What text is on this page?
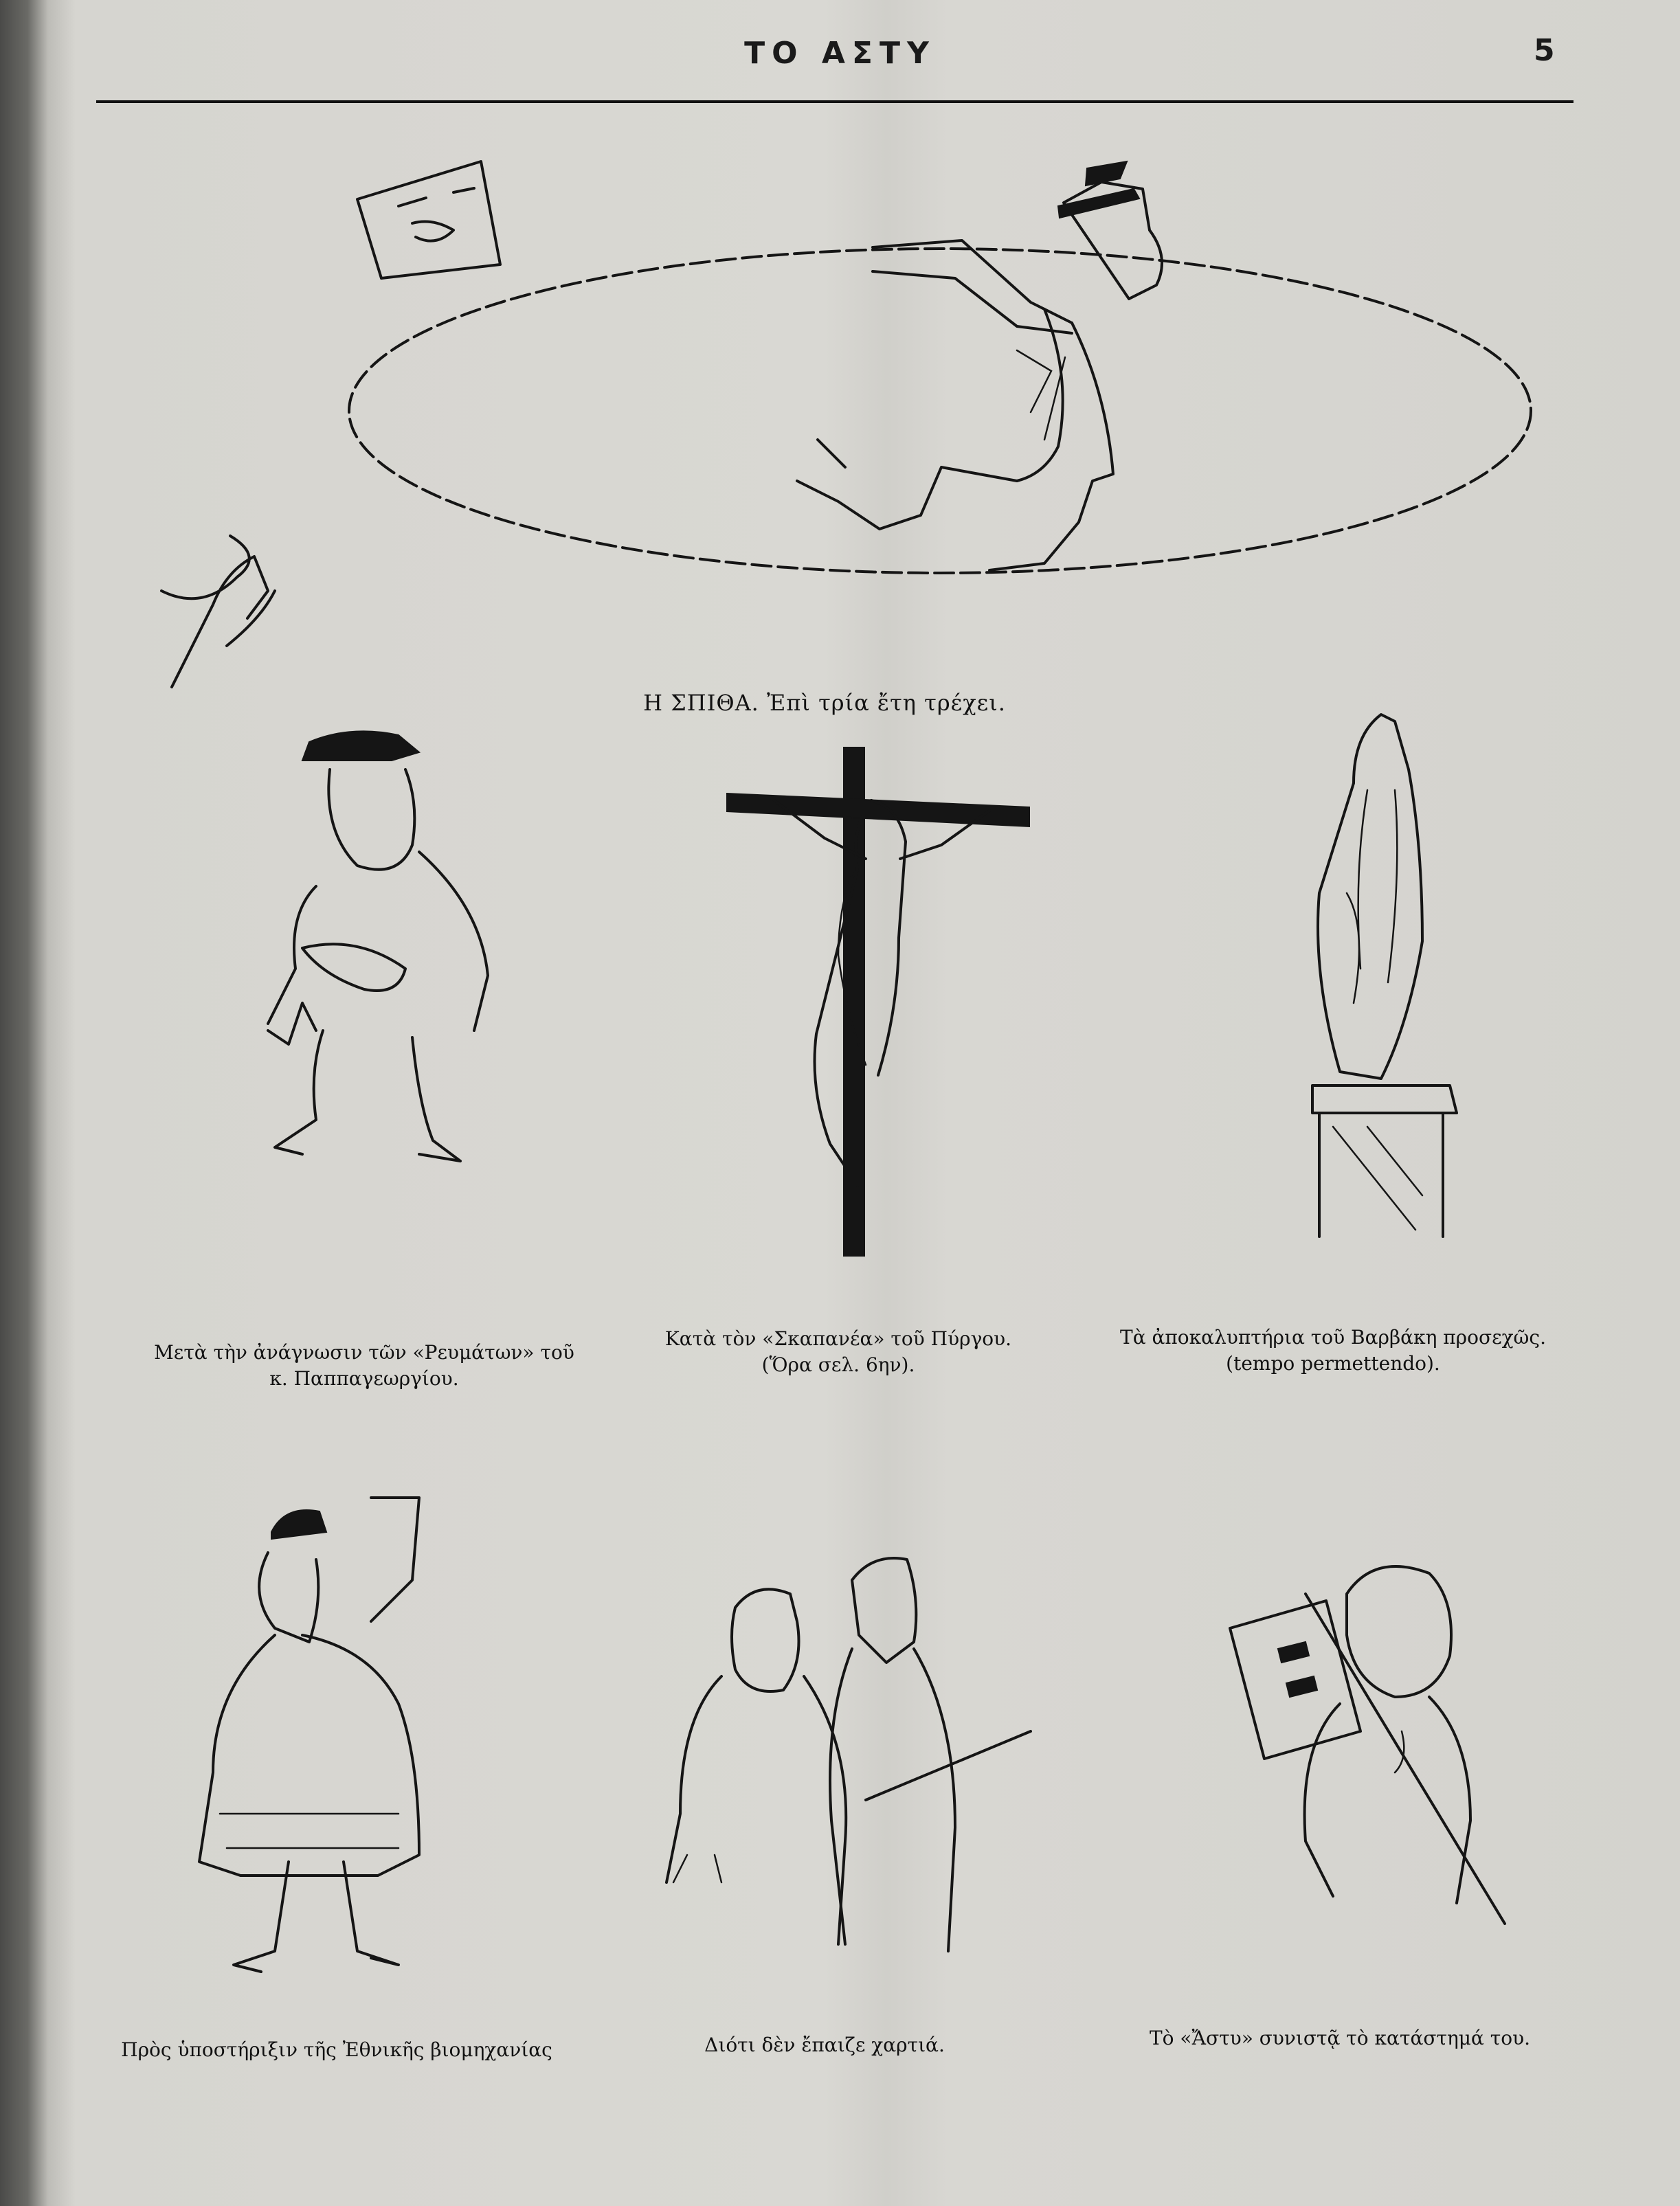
ΤΟ ΑΣΤΥ	5
Η ΣΠΙΘΑ. Ἐπὶ τρία ἔτη τρέχει.
Μετὰ τὴν ἀνάγνωσιν τῶν «Ρευμάτων» τοῦ κ. Παππαγεωργίου.
Κατὰ τὸν «Σκαπανέα» τοῦ Πύργου. (Ὅρα σελ. 6ην).
Τὰ ἀποκαλυπτήρια τοῦ Βαρβάκη προσεχῶς. (tempo permettendo).
Πρὸς ὑποστήριξιν τῆς Ἐθνικῆς βιομηχανίας	Διότι δὲν ἔπαιζε χαρτιά.	Τὸ «Ἄστυ» συνιστᾷ τὸ κατάστημά του.
